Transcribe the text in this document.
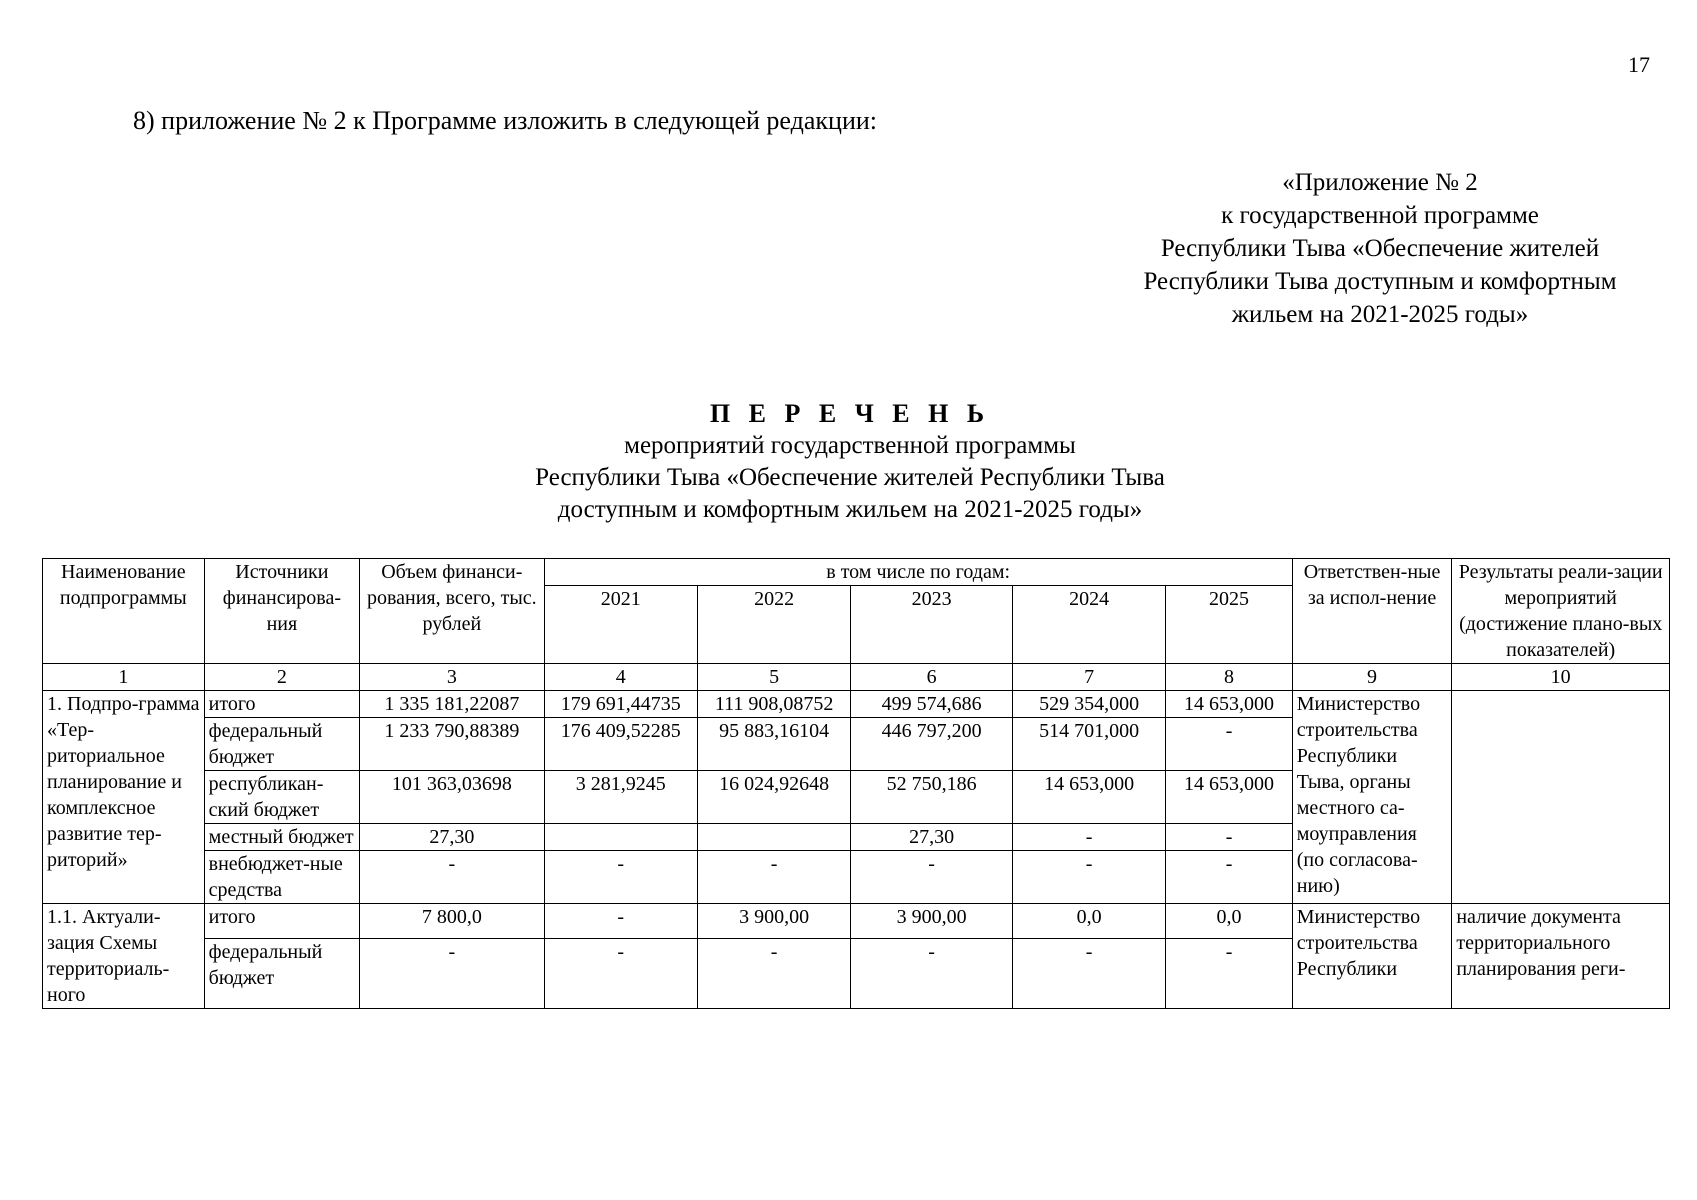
17
8) приложение № 2 к Программе изложить в следующей редакции:
«Приложение № 2
к государственной программе
Республики Тыва «Обеспечение жителей
Республики Тыва доступным и комфортным
жильем на 2021-2025 годы»
П Е Р Е Ч Е Н Ь
мероприятий государственной программы
Республики Тыва «Обеспечение жителей Республики Тыва
доступным и комфортным жильем на 2021-2025 годы»
Наименование подпрограммы	Источники финансирова-ния	Объем финанси-рования, всего, тыс. рублей	в том числе по годам:					Ответствен-ные за испол-нение	Результаты реали-зации мероприятий (достижение плано-вых показателей)
			2021	2022	2023	2024	2025		
1	2	3	4	5	6	7	8	9	10
1. Подпро-грамма «Тер-риториальное планирование и комплексное развитие тер-риторий»	итого	1 335 181,22087	179 691,44735	111 908,08752	499 574,686	529 354,000	14 653,000	Министерство строительства Республики Тыва, органы местного са-моуправления (по согласова-нию)	
	федеральный бюджет	1 233 790,88389	176 409,52285	95 883,16104	446 797,200	514 701,000	-		
	республикан-ский бюджет	101 363,03698	3 281,9245	16 024,92648	52 750,186	14 653,000	14 653,000		
	местный бюджет	27,30			27,30	-	-		
	внебюджет-ные средства	-	-	-	-	-	-		
1.1. Актуали-зация Схемы территориаль-ного	итого	7 800,0	-	3 900,00	3 900,00	0,0	0,0	Министерство строительства Республики	наличие документа территориального планирования реги-
	федеральный бюджет	-	-	-	-	-	-		
